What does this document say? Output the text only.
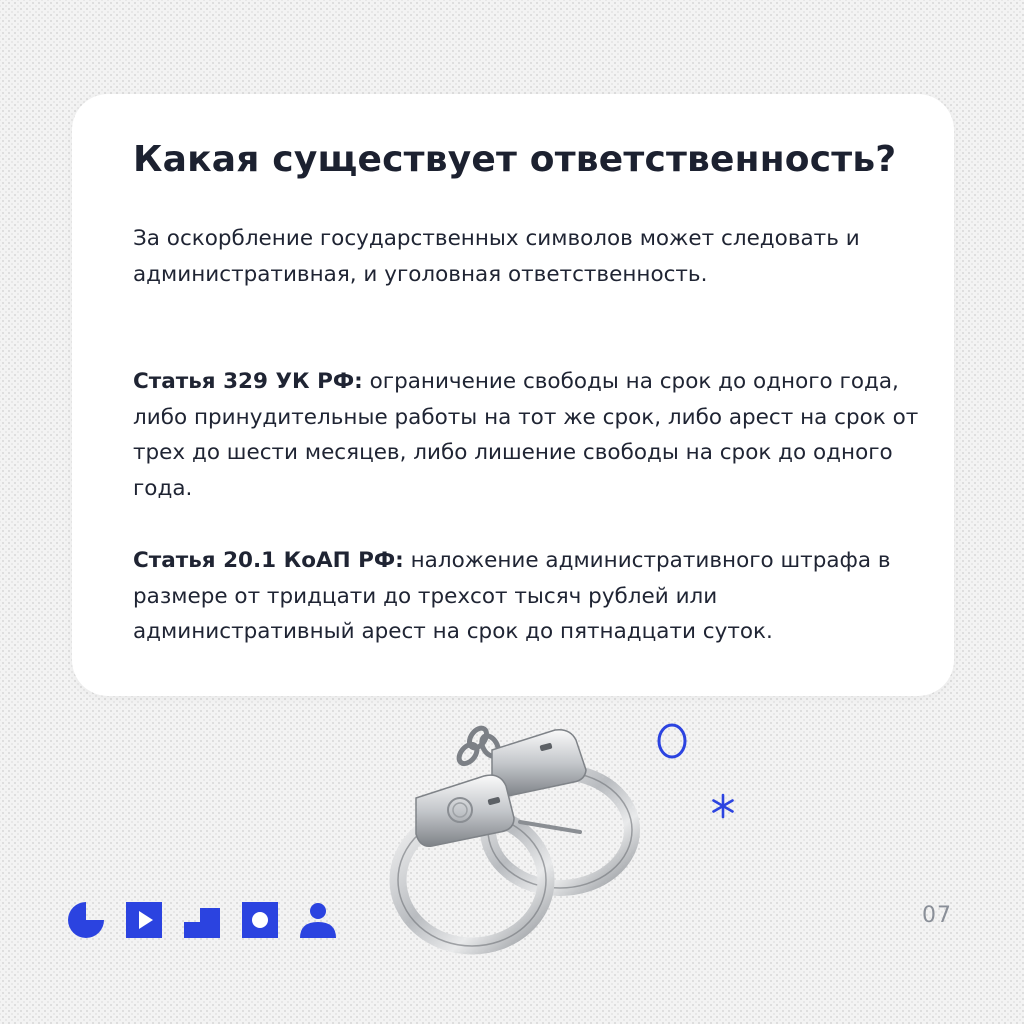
Какая существует ответственность?

За оскорбление государственных символов может следовать и административная, и уголовная ответственность.

Статья 329 УК РФ: ограничение свободы на срок до одного года, либо принудительные работы на тот же срок, либо арест на срок от трех до шести месяцев, либо лишение свободы на срок до одного года.

Статья 20.1 КоАП РФ: наложение административного штрафа в размере от тридцати до трехсот тысяч рублей или административный арест на срок до пятнадцати суток.

07
